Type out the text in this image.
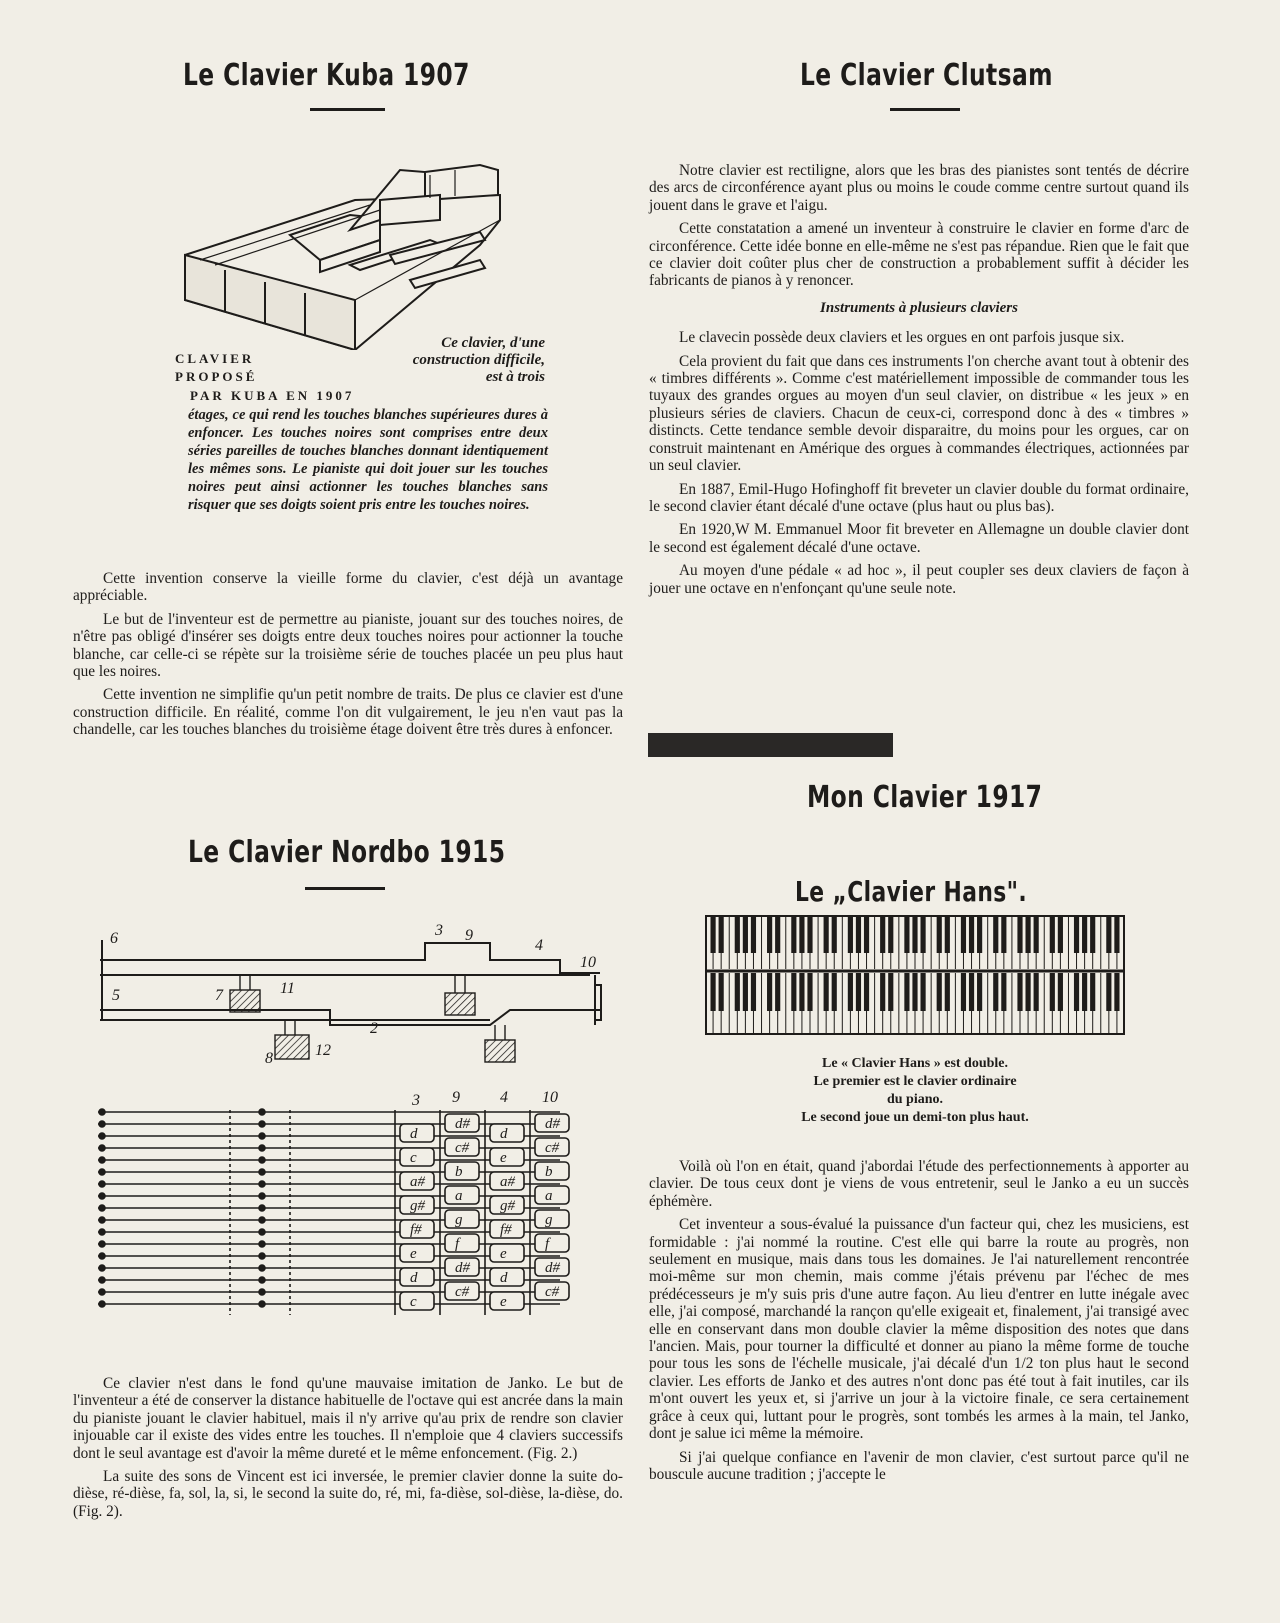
Le Clavier Kuba 1907
Ce clavier, d'une construction difficile, est à trois
CLAVIER
PROPOSÉ
PAR KUBA EN 1907
étages, ce qui rend les touches blanches supérieures dures à enfoncer. Les touches noires sont comprises entre deux séries pareilles de touches blanches donnant identiquement les mêmes sons. Le pianiste qui doit jouer sur les touches noires peut ainsi actionner les touches blanches sans risquer que ses doigts soient pris entre les touches noires.

Cette invention conserve la vieille forme du clavier, c'est déjà un avantage appréciable.

Le but de l'inventeur est de permettre au pianiste, jouant sur des touches noires, de n'être pas obligé d'insérer ses doigts entre deux touches noires pour actionner la touche blanche, car celle-ci se répète sur la troisième série de touches placée un peu plus haut que les noires.

Cette invention ne simplifie qu'un petit nombre de traits. De plus ce clavier est d'une construction difficile. En réalité, comme l'on dit vulgairement, le jeu n'en vaut pas la chandelle, car les touches blanches du troisième étage doivent être très dures à enfoncer.

Le Clavier Nordbo 1915
6
5	7	11
3 9
4
10
2
8	12
3 9	4 10
d
c
a#
g#
f#
e
d
c
d#
c#
b
a
g
f
d#
c#
d
e
a#
g#
f#
e
d
e
d#
c#
b
a
g
f
d#
c#

Ce clavier n'est dans le fond qu'une mauvaise imitation de Janko. Le but de l'inventeur a été de conserver la distance habituelle de l'octave qui est ancrée dans la main du pianiste jouant le clavier habituel, mais il n'y arrive qu'au prix de rendre son clavier injouable car il existe des vides entre les touches. Il n'emploie que 4 claviers successifs dont le seul avantage est d'avoir la même dureté et le même enfoncement. (Fig. 2.)

La suite des sons de Vincent est ici inversée, le premier clavier donne la suite do-dièse, ré-dièse, fa, sol, la, si, le second la suite do, ré, mi, fa-dièse, sol-dièse, la-dièse, do. (Fig. 2).

Le Clavier Clutsam

Notre clavier est rectiligne, alors que les bras des pianistes sont tentés de décrire des arcs de circonférence ayant plus ou moins le coude comme centre surtout quand ils jouent dans le grave et l'aigu.

Cette constatation a amené un inventeur à construire le clavier en forme d'arc de circonférence. Cette idée bonne en elle-même ne s'est pas répandue. Rien que le fait que ce clavier doit coûter plus cher de construction a probablement suffit à décider les fabricants de pianos à y renoncer.

Instruments à plusieurs claviers

Le clavecin possède deux claviers et les orgues en ont parfois jusque six.

Cela provient du fait que dans ces instruments l'on cherche avant tout à obtenir des « timbres différents ». Comme c'est matériellement impossible de commander tous les tuyaux des grandes orgues au moyen d'un seul clavier, on distribue « les jeux » en plusieurs séries de claviers. Chacun de ceux-ci, correspond donc à des « timbres » distincts. Cette tendance semble devoir disparaitre, du moins pour les orgues, car on construit maintenant en Amérique des orgues à commandes électriques, actionnées par un seul clavier.

En 1887, Emil-Hugo Hofinghoff fit breveter un clavier double du format ordinaire, le second clavier étant décalé d'une octave (plus haut ou plus bas).

En 1920,W M. Emmanuel Moor fit breveter en Allemagne un double clavier dont le second est également décalé d'une octave.

Au moyen d'une pédale « ad hoc », il peut coupler ses deux claviers de façon à jouer une octave en n'enfonçant qu'une seule note.

Mon Clavier 1917
Le „Clavier Hans".
Le « Clavier Hans » est double.
Le premier est le clavier ordinaire
du piano.
Le second joue un demi-ton plus haut.

Voilà où l'on en était, quand j'abordai l'étude des perfectionnements à apporter au clavier. De tous ceux dont je viens de vous entretenir, seul le Janko a eu un succès éphémère.

Cet inventeur a sous-évalué la puissance d'un facteur qui, chez les musiciens, est formidable : j'ai nommé la routine. C'est elle qui barre la route au progrès, non seulement en musique, mais dans tous les domaines. Je l'ai naturellement rencontrée moi-même sur mon chemin, mais comme j'étais prévenu par l'échec de mes prédécesseurs je m'y suis pris d'une autre façon. Au lieu d'entrer en lutte inégale avec elle, j'ai composé, marchandé la rançon qu'elle exigeait et, finalement, j'ai transigé avec elle en conservant dans mon double clavier la même disposition des notes que dans l'ancien. Mais, pour tourner la difficulté et donner au piano la même forme de touche pour tous les sons de l'échelle musicale, j'ai décalé d'un 1/2 ton plus haut le second clavier. Les efforts de Janko et des autres n'ont donc pas été tout à fait inutiles, car ils m'ont ouvert les yeux et, si j'arrive un jour à la victoire finale, ce sera certainement grâce à ceux qui, luttant pour le progrès, sont tombés les armes à la main, tel Janko, dont je salue ici même la mémoire.

Si j'ai quelque confiance en l'avenir de mon clavier, c'est surtout parce qu'il ne bouscule aucune tradition ; j'accepte le
